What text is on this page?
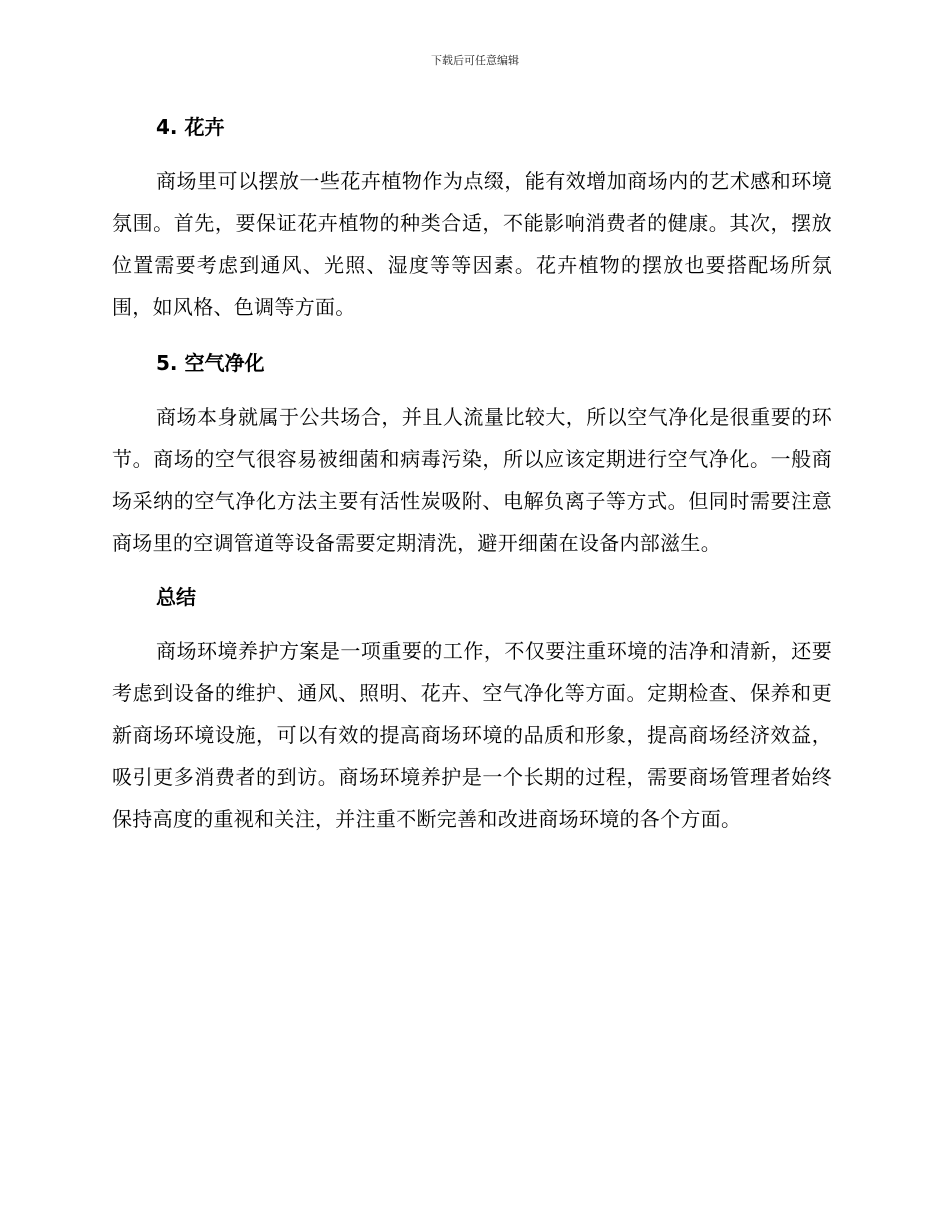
下载后可任意编辑
4. 花卉

商场里可以摆放一些花卉植物作为点缀，能有效增加商场内的艺术感和环境氛围。首先，要保证花卉植物的种类合适，不能影响消费者的健康。其次，摆放位置需要考虑到通风、光照、湿度等等因素。花卉植物的摆放也要搭配场所氛围，如风格、色调等方面。

5. 空气净化

商场本身就属于公共场合，并且人流量比较大，所以空气净化是很重要的环节。商场的空气很容易被细菌和病毒污染，所以应该定期进行空气净化。一般商场采纳的空气净化方法主要有活性炭吸附、电解负离子等方式。但同时需要注意商场里的空调管道等设备需要定期清洗，避开细菌在设备内部滋生。

总结

商场环境养护方案是一项重要的工作，不仅要注重环境的洁净和清新，还要考虑到设备的维护、通风、照明、花卉、空气净化等方面。定期检查、保养和更新商场环境设施，可以有效的提高商场环境的品质和形象，提高商场经济效益，吸引更多消费者的到访。商场环境养护是一个长期的过程，需要商场管理者始终保持高度的重视和关注，并注重不断完善和改进商场环境的各个方面。
